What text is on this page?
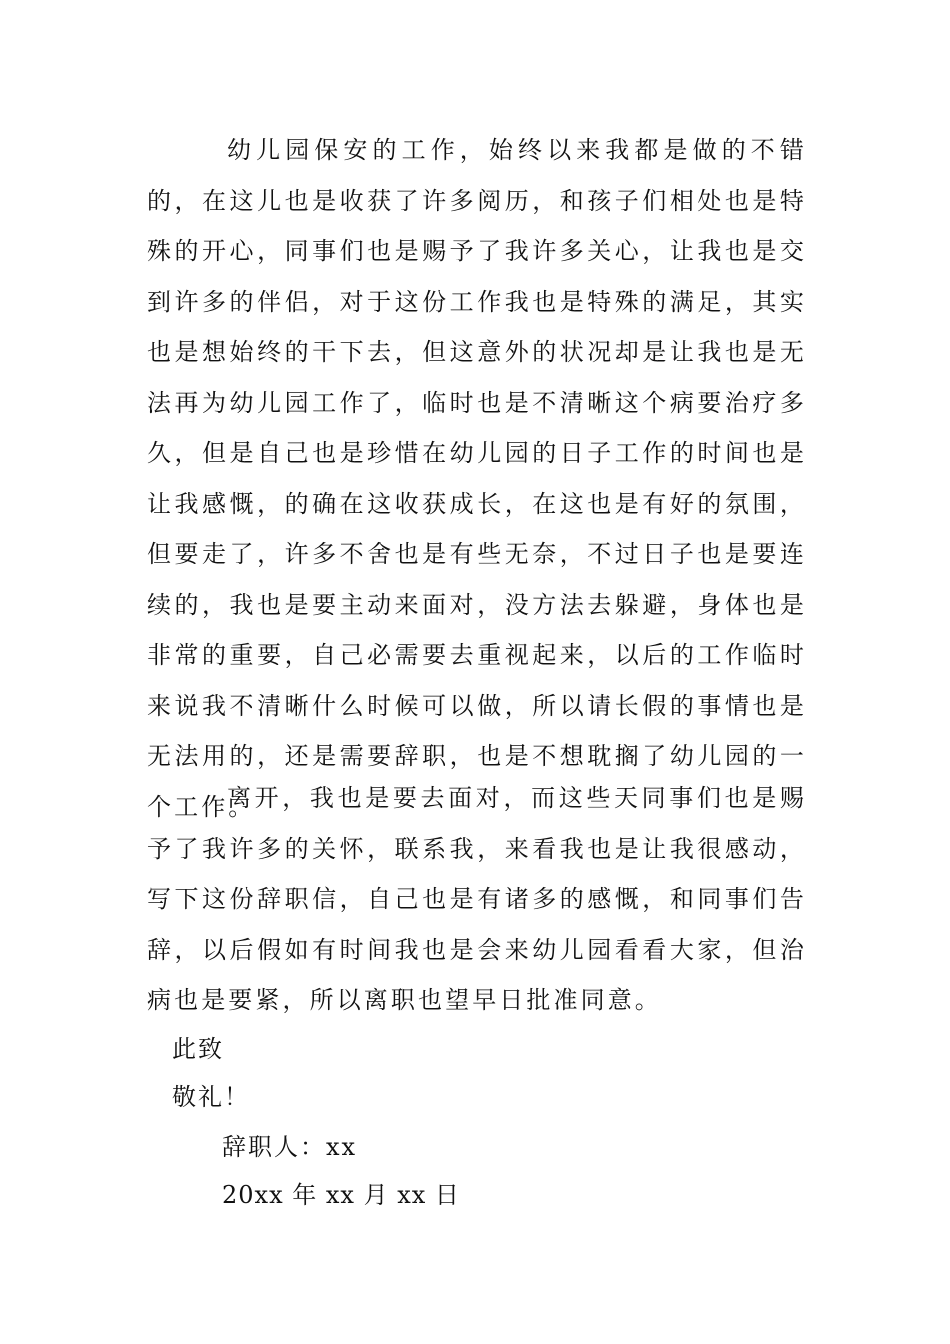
幼儿园保安的工作，始终以来我都是做的不错的，在这儿也是收获了许多阅历，和孩子们相处也是特殊的开心，同事们也是赐予了我许多关心，让我也是交到许多的伴侣，对于这份工作我也是特殊的满足，其实也是想始终的干下去，但这意外的状况却是让我也是无法再为幼儿园工作了，临时也是不清晰这个病要治疗多久，但是自己也是珍惜在幼儿园的日子工作的时间也是让我感慨，的确在这收获成长，在这也是有好的氛围，但要走了，许多不舍也是有些无奈，不过日子也是要连续的，我也是要主动来面对，没方法去躲避，身体也是非常的重要，自己必需要去重视起来，以后的工作临时来说我不清晰什么时候可以做，所以请长假的事情也是无法用的，还是需要辞职，也是不想耽搁了幼儿园的一个工作。

离开，我也是要去面对，而这些天同事们也是赐予了我许多的关怀，联系我，来看我也是让我很感动，写下这份辞职信，自己也是有诸多的感慨，和同事们告辞，以后假如有时间我也是会来幼儿园看看大家，但治病也是要紧，所以离职也望早日批准同意。

此致

敬礼！

辞职人：xx

20xx 年 xx 月 xx 日
